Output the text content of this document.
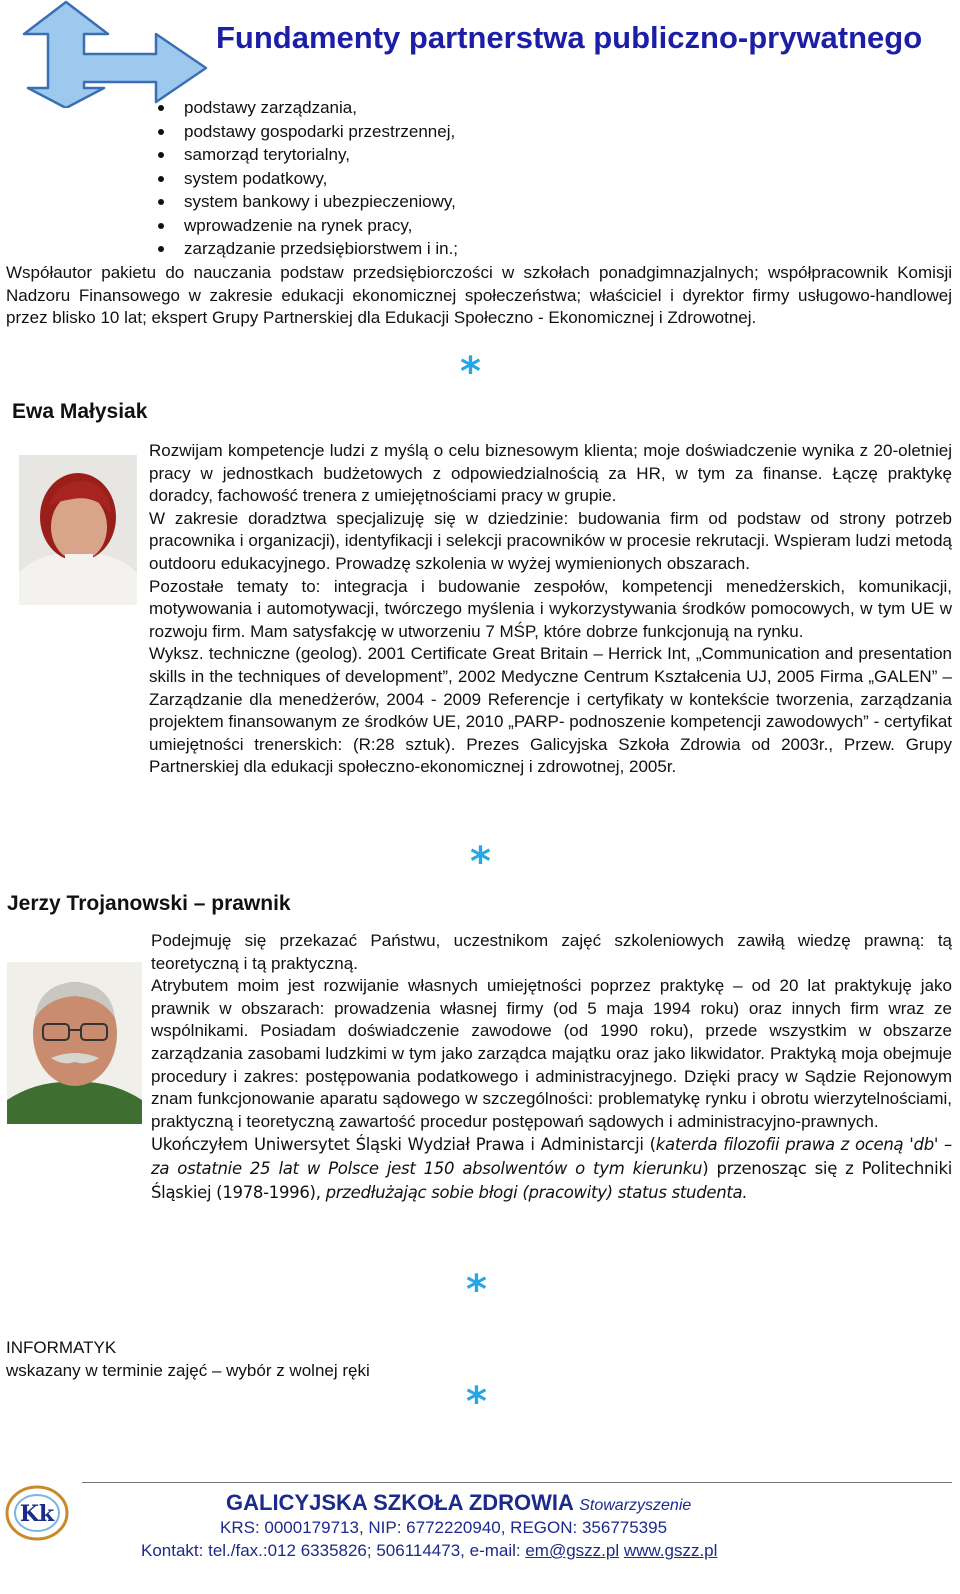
Fundamenty partnerstwa publiczno-prywatnego
podstawy zarządzania,
podstawy gospodarki przestrzennej,
samorząd terytorialny,
system podatkowy,
system bankowy i ubezpieczeniowy,
wprowadzenie na rynek pracy,
zarządzanie przedsiębiorstwem i in.;
Współautor pakietu do nauczania podstaw przedsiębiorczości w szkołach ponadgimnazjalnych; współpracownik Komisji Nadzoru Finansowego w zakresie edukacji ekonomicznej społeczeństwa; właściciel i dyrektor firmy usługowo-handlowej przez blisko 10 lat; ekspert Grupy Partnerskiej dla Edukacji Społeczno - Ekonomicznej i Zdrowotnej.
*
Ewa Małysiak

Rozwijam kompetencje ludzi z myślą o celu biznesowym klienta; moje doświadczenie wynika z 20-oletniej pracy w jednostkach budżetowych z odpowiedzialnością za HR, w tym za finanse. Łączę praktykę doradcy, fachowość trenera z umiejętnościami pracy w grupie.

W zakresie doradztwa specjalizuję się w dziedzinie: budowania firm od podstaw od strony potrzeb pracownika i organizacji), identyfikacji i selekcji pracowników w procesie rekrutacji. Wspieram ludzi metodą outdooru edukacyjnego. Prowadzę szkolenia w wyżej wymienionych obszarach.

Pozostałe tematy to: integracja i budowanie zespołów, kompetencji menedżerskich, komunikacji, motywowania i automotywacji, twórczego myślenia i wykorzystywania środków pomocowych, w tym UE w rozwoju firm. Mam satysfakcję w utworzeniu 7 MŚP, które dobrze funkcjonują na rynku.

Wyksz. techniczne (geolog). 2001 Certificate Great Britain – Herrick Int, „Communication and presentation skills in the techniques of development”, 2002 Medyczne Centrum Kształcenia UJ, 2005 Firma „GALEN” – Zarządzanie dla menedżerów, 2004 - 2009 Referencje i certyfikaty w kontekście tworzenia, zarządzania projektem finansowanym ze środków UE, 2010 „PARP- podnoszenie kompetencji zawodowych” - certyfikat umiejętności trenerskich: (R:28 sztuk). Prezes Galicyjska Szkoła Zdrowia od 2003r., Przew. Grupy Partnerskiej dla edukacji społeczno-ekonomicznej i zdrowotnej, 2005r.

*
Jerzy Trojanowski – prawnik

Podejmuję się przekazać Państwu, uczestnikom zajęć szkoleniowych zawiłą wiedzę prawną: tą teoretyczną i tą praktyczną.

Atrybutem moim jest rozwijanie własnych umiejętności poprzez praktykę – od 20 lat praktykuję jako prawnik w obszarach: prowadzenia własnej firmy (od 5 maja 1994 roku) oraz innych firm wraz ze wspólnikami. Posiadam doświadczenie zawodowe (od 1990 roku), przede wszystkim w obszarze zarządzania zasobami ludzkimi w tym jako zarządca majątku oraz jako likwidator. Praktyką moja obejmuje procedury i zakres: postępowania podatkowego i administracyjnego. Dzięki pracy w Sądzie Rejonowym znam funkcjonowanie aparatu sądowego w szczególności: problematykę rynku i obrotu wierzytelnościami, praktyczną i teoretyczną zawartość procedur postępowań sądowych i administracyjno-prawnych.

Ukończyłem Uniwersytet Śląski Wydział Prawa i Administarcji (katerda filozofii prawa z oceną 'db' – za ostatnie 25 lat w Polsce jest 150 absolwentów o tym kierunku) przenosząc się z Politechniki Śląskiej (1978-1996), przedłużając sobie błogi (pracowity) status studenta.

*
INFORMATYK
wskazany w terminie zajęć – wybór z wolnej ręki
*
Kk	GALICYJSKA SZKOŁA ZDROWIA Stowarzyszenie
KRS: 0000179713, NIP: 6772220940, REGON: 356775395
Kontakt: tel./fax.:012 6335826; 506114473, e-mail: em@gszz.pl www.gszz.pl
